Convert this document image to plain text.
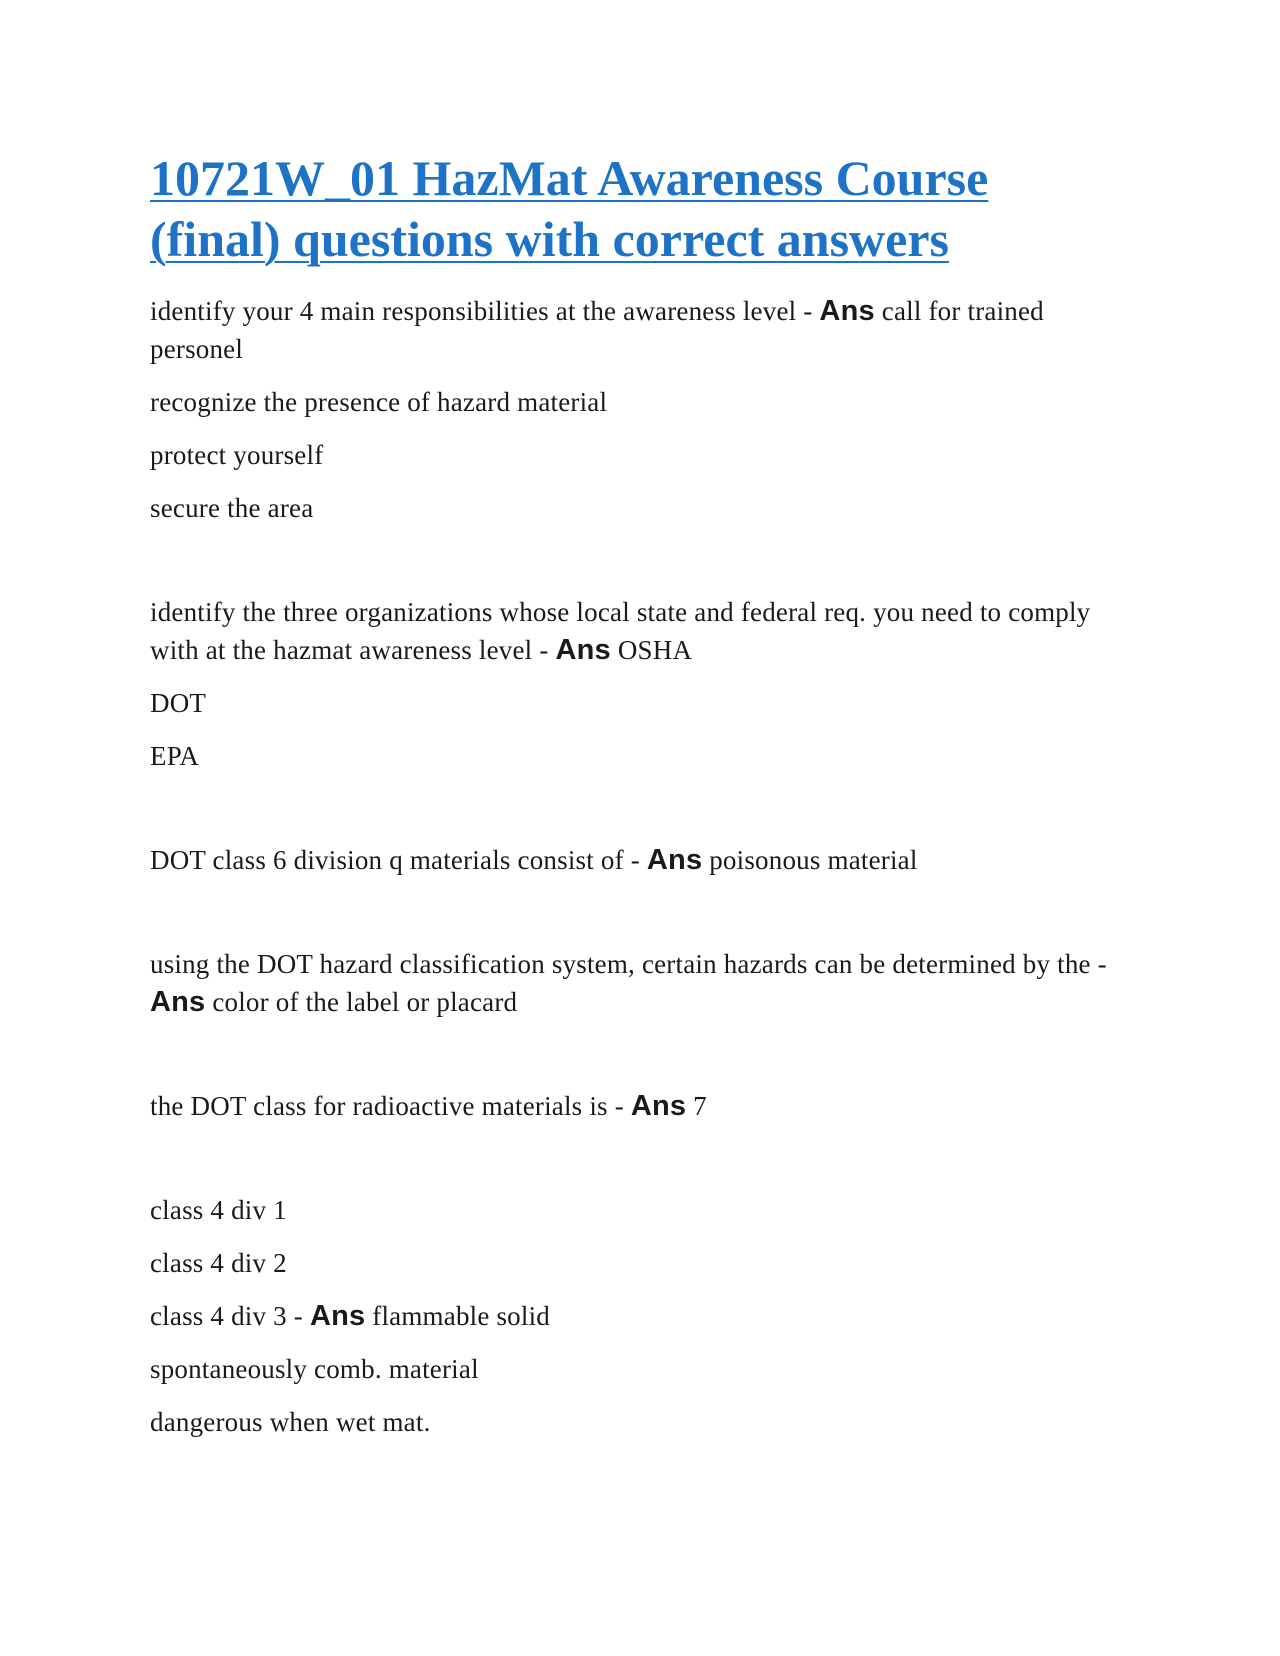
10721W_01 HazMat Awareness Course
(final) questions with correct answers

identify your 4 main responsibilities at the awareness level - Ans call for trained personel

recognize the presence of hazard material

protect yourself

secure the area

identify the three organizations whose local state and federal req. you need to comply with at the hazmat awareness level - Ans OSHA

DOT

EPA

DOT class 6 division q materials consist of - Ans poisonous material

using the DOT hazard classification system, certain hazards can be determined by the - Ans color of the label or placard

the DOT class for radioactive materials is - Ans 7

class 4 div 1

class 4 div 2

class 4 div 3 - Ans flammable solid

spontaneously comb. material

dangerous when wet mat.
